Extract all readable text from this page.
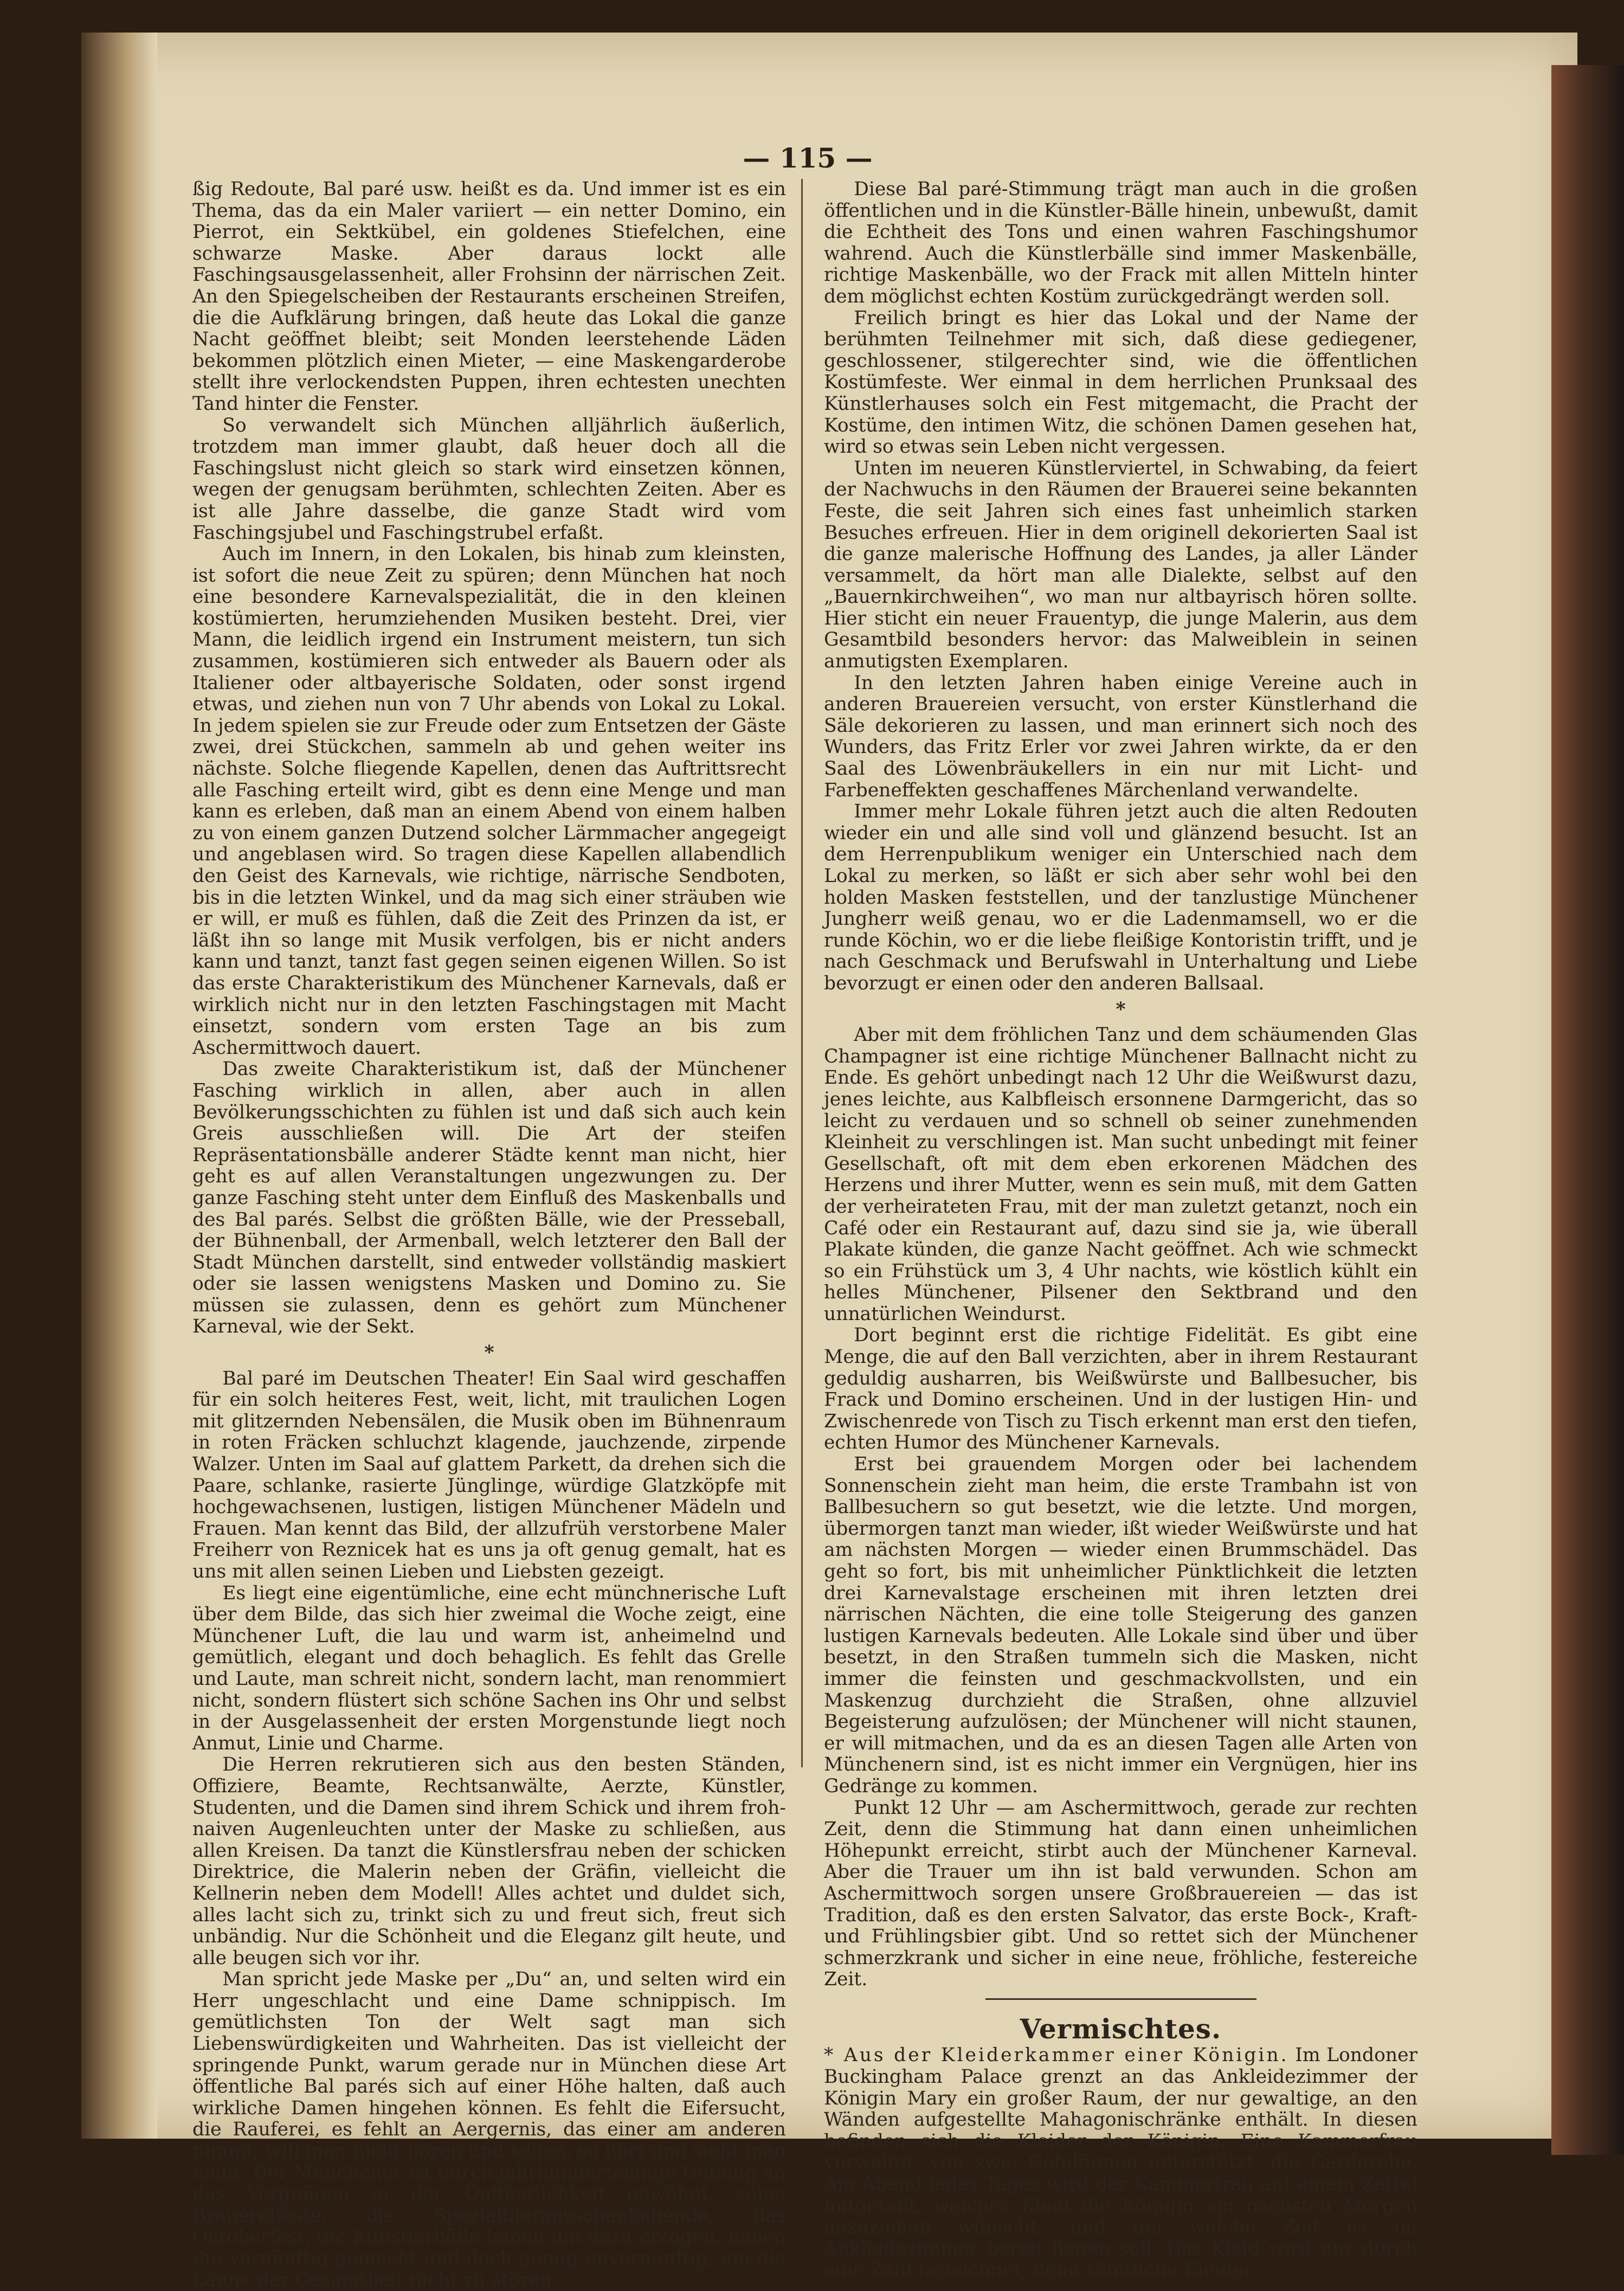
— 115 —

ßig Redoute, Bal paré usw. heißt es da. Und immer ist es ein Thema, das da ein Maler variiert — ein netter Domino, ein Pierrot, ein Sektkübel, ein goldenes Stiefelchen, eine schwarze Maske. Aber daraus lockt alle Faschingsausgelassenheit, aller Frohsinn der närrischen Zeit. An den Spiegelscheiben der Restaurants erscheinen Streifen, die die Aufklärung bringen, daß heute das Lokal die ganze Nacht geöffnet bleibt; seit Monden leerstehende Läden bekommen plötzlich einen Mieter, — eine Maskengarderobe stellt ihre verlockendsten Puppen, ihren echtesten unechten Tand hinter die Fenster.

So verwandelt sich München alljährlich äußerlich, trotzdem man immer glaubt, daß heuer doch all die Faschingslust nicht gleich so stark wird einsetzen können, wegen der genugsam berühmten, schlechten Zeiten. Aber es ist alle Jahre dasselbe, die ganze Stadt wird vom Faschingsjubel und Faschingstrubel erfaßt.

Auch im Innern, in den Lokalen, bis hinab zum kleinsten, ist sofort die neue Zeit zu spüren; denn München hat noch eine besondere Karnevalspezialität, die in den kleinen kostümierten, herumziehenden Musiken besteht. Drei, vier Mann, die leidlich irgend ein Instrument meistern, tun sich zusammen, kostümieren sich entweder als Bauern oder als Italiener oder altbayerische Soldaten, oder sonst irgend etwas, und ziehen nun von 7 Uhr abends von Lokal zu Lokal. In jedem spielen sie zur Freude oder zum Entsetzen der Gäste zwei, drei Stückchen, sammeln ab und gehen weiter ins nächste. Solche fliegende Kapellen, denen das Auftrittsrecht alle Fasching erteilt wird, gibt es denn eine Menge und man kann es erleben, daß man an einem Abend von einem halben zu von einem ganzen Dutzend solcher Lärmmacher angegeigt und angeblasen wird. So tragen diese Kapellen allabendlich den Geist des Karnevals, wie richtige, närrische Sendboten, bis in die letzten Winkel, und da mag sich einer sträuben wie er will, er muß es fühlen, daß die Zeit des Prinzen da ist, er läßt ihn so lange mit Musik verfolgen, bis er nicht anders kann und tanzt, tanzt fast gegen seinen eigenen Willen. So ist das erste Charakteristikum des Münchener Karnevals, daß er wirklich nicht nur in den letzten Faschingstagen mit Macht einsetzt, sondern vom ersten Tage an bis zum Aschermittwoch dauert.

Das zweite Charakteristikum ist, daß der Münchener Fasching wirklich in allen, aber auch in allen Bevölkerungsschichten zu fühlen ist und daß sich auch kein Greis ausschließen will. Die Art der steifen Repräsentationsbälle anderer Städte kennt man nicht, hier geht es auf allen Veranstaltungen ungezwungen zu. Der ganze Fasching steht unter dem Einfluß des Maskenballs und des Bal parés. Selbst die größten Bälle, wie der Presseball, der Bühnenball, der Armenball, welch letzterer den Ball der Stadt München darstellt, sind entweder vollständig maskiert oder sie lassen wenigstens Masken und Domino zu. Sie müssen sie zulassen, denn es gehört zum Münchener Karneval, wie der Sekt.

*

Bal paré im Deutschen Theater! Ein Saal wird geschaffen für ein solch heiteres Fest, weit, licht, mit traulichen Logen mit glitzernden Nebensälen, die Musik oben im Bühnenraum in roten Fräcken schluchzt klagende, jauchzende, zirpende Walzer. Unten im Saal auf glattem Parkett, da drehen sich die Paare, schlanke, rasierte Jünglinge, würdige Glatzköpfe mit hochgewachsenen, lustigen, listigen Münchener Mädeln und Frauen. Man kennt das Bild, der allzufrüh verstorbene Maler Freiherr von Reznicek hat es uns ja oft genug gemalt, hat es uns mit allen seinen Lieben und Liebsten gezeigt.

Es liegt eine eigentümliche, eine echt münchnerische Luft über dem Bilde, das sich hier zweimal die Woche zeigt, eine Münchener Luft, die lau und warm ist, anheimelnd und gemütlich, elegant und doch behaglich. Es fehlt das Grelle und Laute, man schreit nicht, sondern lacht, man renommiert nicht, sondern flüstert sich schöne Sachen ins Ohr und selbst in der Ausgelassenheit der ersten Morgenstunde liegt noch Anmut, Linie und Charme.

Die Herren rekrutieren sich aus den besten Ständen, Offiziere, Beamte, Rechtsanwälte, Aerzte, Künstler, Studenten, und die Damen sind ihrem Schick und ihrem froh-naiven Augenleuchten unter der Maske zu schließen, aus allen Kreisen. Da tanzt die Künstlersfrau neben der schicken Direktrice, die Malerin neben der Gräfin, vielleicht die Kellnerin neben dem Modell! Alles achtet und duldet sich, alles lacht sich zu, trinkt sich zu und freut sich, freut sich unbändig. Nur die Schönheit und die Eleganz gilt heute, und alle beugen sich vor ihr.

Man spricht jede Maske per „Du“ an, und selten wird ein Herr ungeschlacht und eine Dame schnippisch. Im gemütlichsten Ton der Welt sagt man sich Liebenswürdigkeiten und Wahrheiten. Das ist vielleicht der springende Punkt, warum gerade nur in München diese Art öffentliche Bal parés sich auf einer Höhe halten, daß auch wirkliche Damen hingehen können. Es fehlt die Eifersucht, die Rauferei, es fehlt an Aergernis, das einer am anderen nimmt; will man nicht hören und sehen, so hört und sieht man nicht. Der Münchener ist durch jahrhundertelange Uebung an das Vergnügen in der Oeffentlichkeit gewöhnt, seine Brauereifeste, die Spezialbierausschankabende, das Oktoberfest, die Künstlerbälle haben ihn dazu erzogen, haben ihn vernünftig gemacht und doch genug unvernünftig, um die Laune der Gesamtheit nicht zu stören.

Diese Bal paré-Stimmung trägt man auch in die großen öffentlichen und in die Künstler-Bälle hinein, unbewußt, damit die Echtheit des Tons und einen wahren Faschingshumor wahrend. Auch die Künstlerbälle sind immer Maskenbälle, richtige Maskenbälle, wo der Frack mit allen Mitteln hinter dem möglichst echten Kostüm zurückgedrängt werden soll.

Freilich bringt es hier das Lokal und der Name der berühmten Teilnehmer mit sich, daß diese gediegener, geschlossener, stilgerechter sind, wie die öffentlichen Kostümfeste. Wer einmal in dem herrlichen Prunksaal des Künstlerhauses solch ein Fest mitgemacht, die Pracht der Kostüme, den intimen Witz, die schönen Damen gesehen hat, wird so etwas sein Leben nicht vergessen.

Unten im neueren Künstlerviertel, in Schwabing, da feiert der Nachwuchs in den Räumen der Brauerei seine bekannten Feste, die seit Jahren sich eines fast unheimlich starken Besuches erfreuen. Hier in dem originell dekorierten Saal ist die ganze malerische Hoffnung des Landes, ja aller Länder versammelt, da hört man alle Dialekte, selbst auf den „Bauernkirchweihen“, wo man nur altbayrisch hören sollte. Hier sticht ein neuer Frauentyp, die junge Malerin, aus dem Gesamtbild besonders hervor: das Malweiblein in seinen anmutigsten Exemplaren.

In den letzten Jahren haben einige Vereine auch in anderen Brauereien versucht, von erster Künstlerhand die Säle dekorieren zu lassen, und man erinnert sich noch des Wunders, das Fritz Erler vor zwei Jahren wirkte, da er den Saal des Löwenbräukellers in ein nur mit Licht- und Farbeneffekten geschaffenes Märchenland verwandelte.

Immer mehr Lokale führen jetzt auch die alten Redouten wieder ein und alle sind voll und glänzend besucht. Ist an dem Herrenpublikum weniger ein Unterschied nach dem Lokal zu merken, so läßt er sich aber sehr wohl bei den holden Masken feststellen, und der tanzlustige Münchener Jungherr weiß genau, wo er die Ladenmamsell, wo er die runde Köchin, wo er die liebe fleißige Kontoristin trifft, und je nach Geschmack und Berufswahl in Unterhaltung und Liebe bevorzugt er einen oder den anderen Ballsaal.

*

Aber mit dem fröhlichen Tanz und dem schäumenden Glas Champagner ist eine richtige Münchener Ballnacht nicht zu Ende. Es gehört unbedingt nach 12 Uhr die Weißwurst dazu, jenes leichte, aus Kalbfleisch ersonnene Darmgericht, das so leicht zu verdauen und so schnell ob seiner zunehmenden Kleinheit zu verschlingen ist. Man sucht unbedingt mit feiner Gesellschaft, oft mit dem eben erkorenen Mädchen des Herzens und ihrer Mutter, wenn es sein muß, mit dem Gatten der verheirateten Frau, mit der man zuletzt getanzt, noch ein Café oder ein Restaurant auf, dazu sind sie ja, wie überall Plakate künden, die ganze Nacht geöffnet. Ach wie schmeckt so ein Frühstück um 3, 4 Uhr nachts, wie köstlich kühlt ein helles Münchener, Pilsener den Sektbrand und den unnatürlichen Weindurst.

Dort beginnt erst die richtige Fidelität. Es gibt eine Menge, die auf den Ball verzichten, aber in ihrem Restaurant geduldig ausharren, bis Weißwürste und Ballbesucher, bis Frack und Domino erscheinen. Und in der lustigen Hin- und Zwischenrede von Tisch zu Tisch erkennt man erst den tiefen, echten Humor des Münchener Karnevals.

Erst bei grauendem Morgen oder bei lachendem Sonnenschein zieht man heim, die erste Trambahn ist von Ballbesuchern so gut besetzt, wie die letzte. Und morgen, übermorgen tanzt man wieder, ißt wieder Weißwürste und hat am nächsten Morgen — wieder einen Brummschädel. Das geht so fort, bis mit unheimlicher Pünktlichkeit die letzten drei Karnevalstage erscheinen mit ihren letzten drei närrischen Nächten, die eine tolle Steigerung des ganzen lustigen Karnevals bedeuten. Alle Lokale sind über und über besetzt, in den Straßen tummeln sich die Masken, nicht immer die feinsten und geschmackvollsten, und ein Maskenzug durchzieht die Straßen, ohne allzuviel Begeisterung aufzulösen; der Münchener will nicht staunen, er will mitmachen, und da es an diesen Tagen alle Arten von Münchenern sind, ist es nicht immer ein Vergnügen, hier ins Gedränge zu kommen.

Punkt 12 Uhr — am Aschermittwoch, gerade zur rechten Zeit, denn die Stimmung hat dann einen unheimlichen Höhepunkt erreicht, stirbt auch der Münchener Karneval. Aber die Trauer um ihn ist bald verwunden. Schon am Aschermittwoch sorgen unsere Großbrauereien — das ist Tradition, daß es den ersten Salvator, das erste Bock-, Kraft- und Frühlingsbier gibt. Und so rettet sich der Münchener schmerzkrank und sicher in eine neue, fröhliche, festereiche Zeit.

Vermischtes.

* Aus der Kleiderkammer einer Königin. Im Londoner Buckingham Palace grenzt an das Ankleidezimmer der Königin Mary ein großer Raum, der nur gewaltige, an den Wänden aufgestellte Mahagonischränke enthält. In diesen befinden sich die Kleider der Königin. Eine Kammerfrau verwaltet, von zwei Gehilfinnen unterstützt, die Garderobe. Am Abend jedes Tages wird der Kammerfrau auf einem Zettel mitgeteilt, welches Kleid die Königin am nächsten Morgen anzuziehen wünscht, und um welche Zeit es im Ankleidezimmer bereit liegen soll. Das Kleid wird nur durch eine Zahl bezeichnet, denn sämtliche Kleider
